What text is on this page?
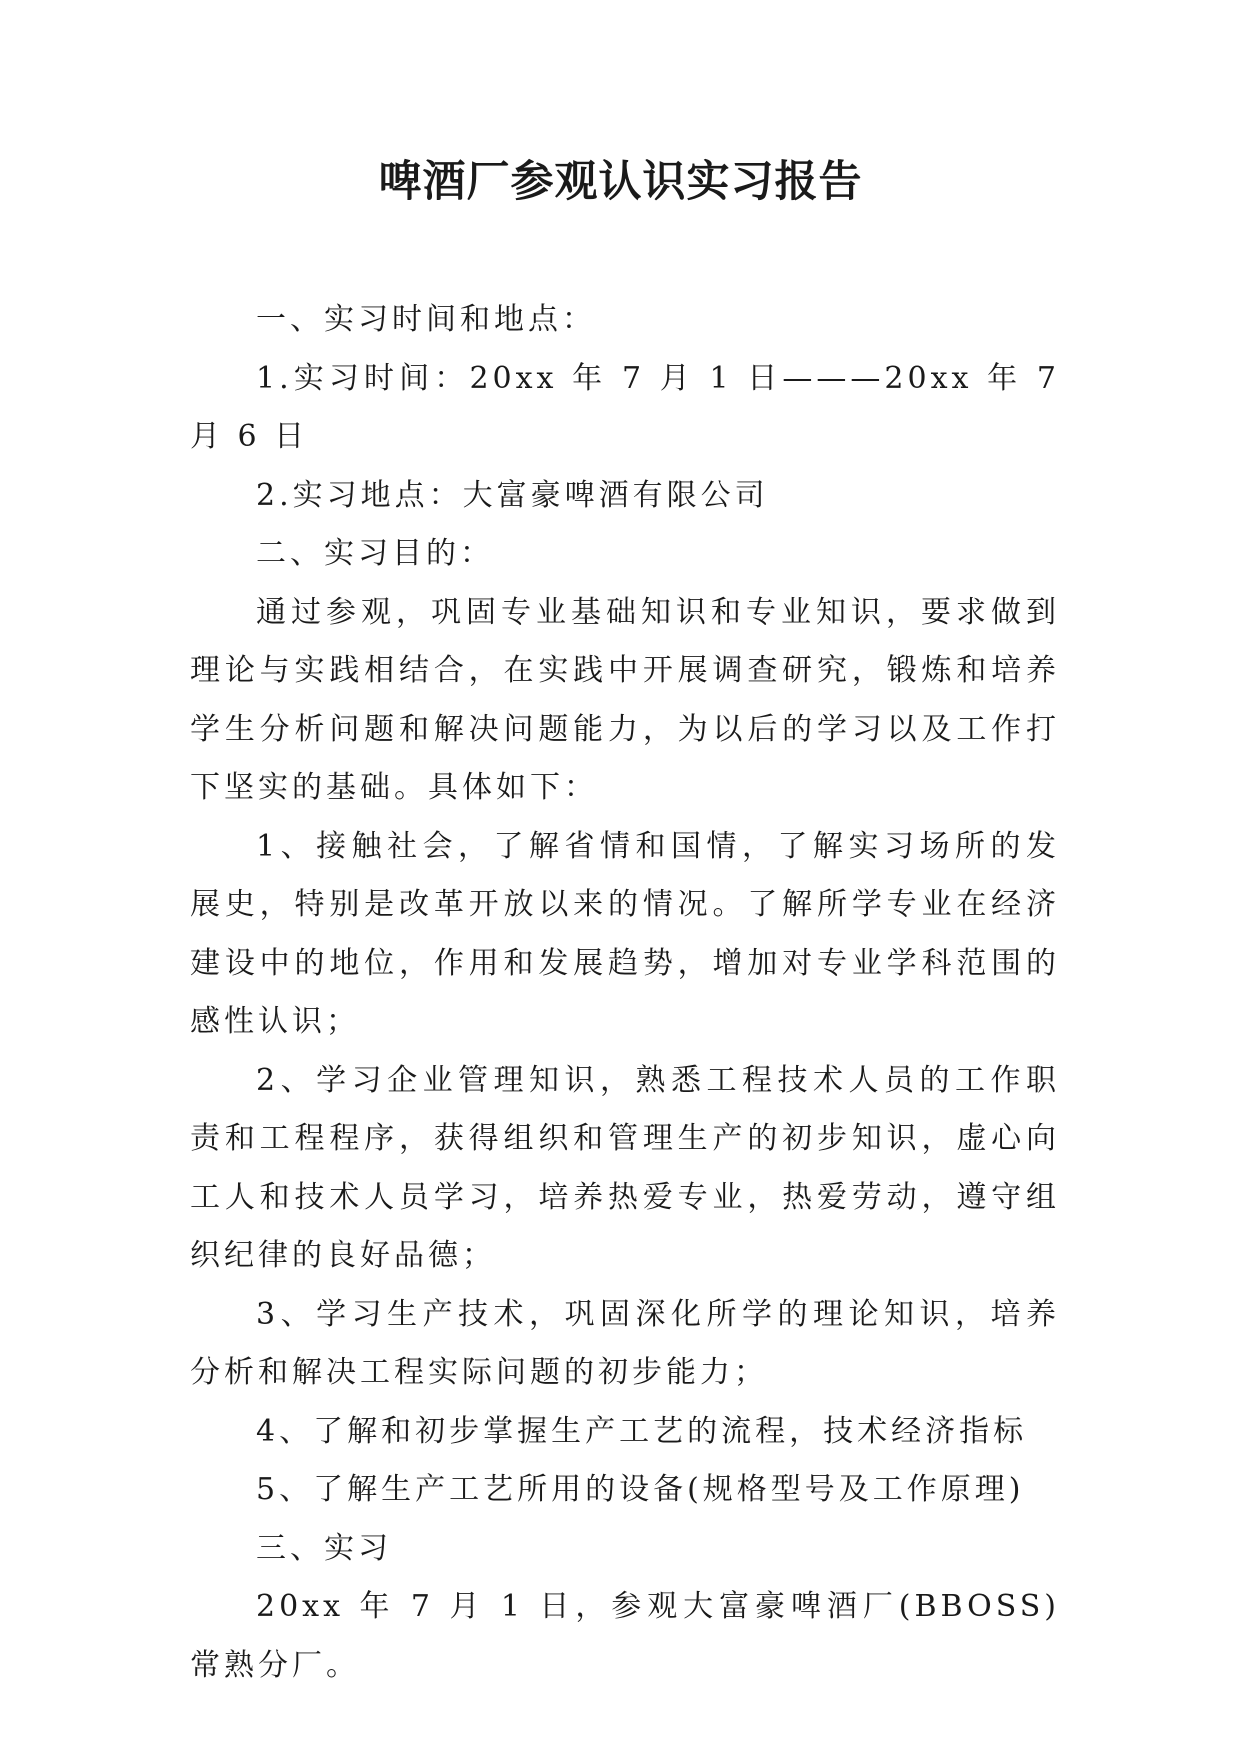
啤酒厂参观认识实习报告

一、实习时间和地点：

1.实习时间：20xx 年 7 月 1 日———20xx 年 7 月 6 日

2.实习地点：大富豪啤酒有限公司

二、实习目的：

通过参观，巩固专业基础知识和专业知识，要求做到理论与实践相结合，在实践中开展调查研究，锻炼和培养学生分析问题和解决问题能力，为以后的学习以及工作打下坚实的基础。具体如下：

1、接触社会，了解省情和国情，了解实习场所的发展史，特别是改革开放以来的情况。了解所学专业在经济建设中的地位，作用和发展趋势，增加对专业学科范围的感性认识；

2、学习企业管理知识，熟悉工程技术人员的工作职责和工程程序，获得组织和管理生产的初步知识，虚心向工人和技术人员学习，培养热爱专业，热爱劳动，遵守组织纪律的良好品德；

3、学习生产技术，巩固深化所学的理论知识，培养分析和解决工程实际问题的初步能力；

4、了解和初步掌握生产工艺的流程，技术经济指标

5、了解生产工艺所用的设备(规格型号及工作原理)

三、实习

20xx 年 7 月 1 日，参观大富豪啤酒厂(BBOSS)常熟分厂。
